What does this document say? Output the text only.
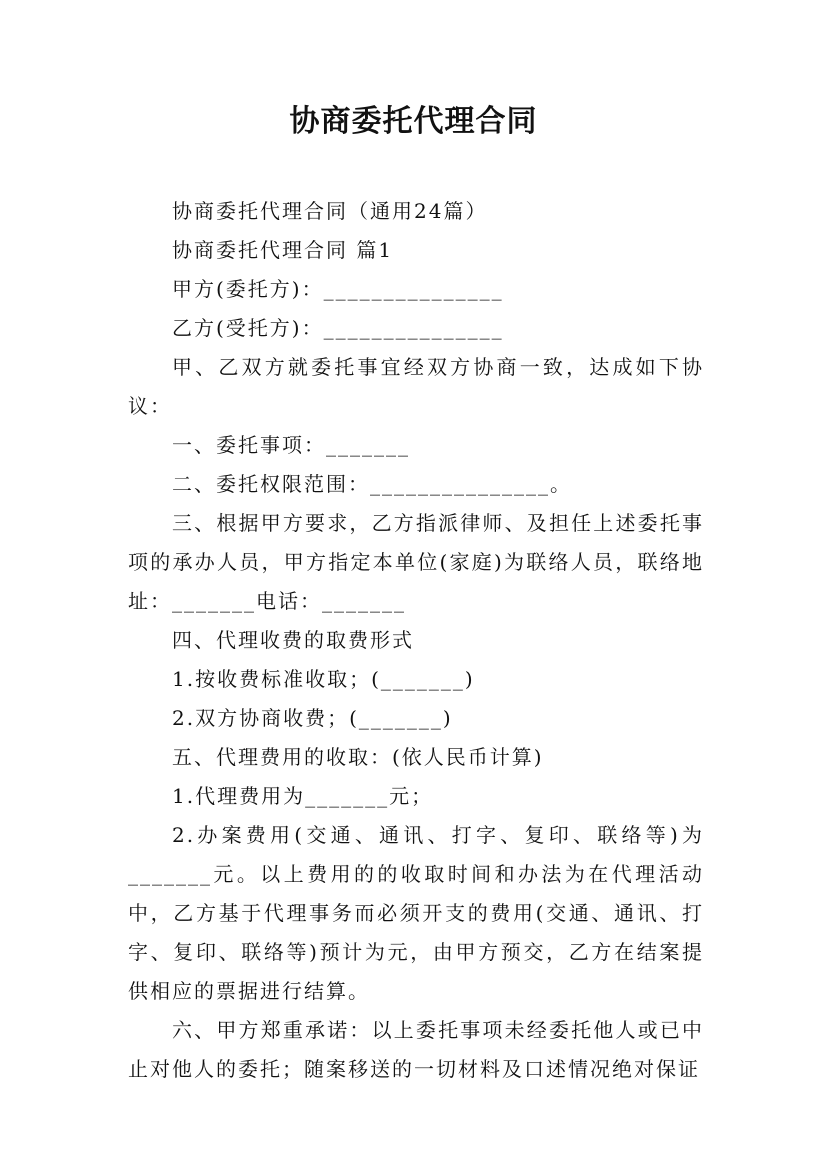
协商委托代理合同

协商委托代理合同（通用24篇）

协商委托代理合同 篇1

甲方(委托方)：_______________

乙方(受托方)：_______________

甲、乙双方就委托事宜经双方协商一致，达成如下协议：

一、委托事项：_______

二、委托权限范围：_______________。

三、根据甲方要求，乙方指派律师、及担任上述委托事项的承办人员，甲方指定本单位(家庭)为联络人员，联络地址：_______电话：_______

四、代理收费的取费形式

1.按收费标准收取；(_______)

2.双方协商收费；(_______)

五、代理费用的收取：(依人民币计算)

1.代理费用为_______元；

2.办案费用(交通、通讯、打字、复印、联络等)为_______元。以上费用的的收取时间和办法为在代理活动中，乙方基于代理事务而必须开支的费用(交通、通讯、打字、复印、联络等)预计为元，由甲方预交，乙方在结案提供相应的票据进行结算。

六、甲方郑重承诺：以上委托事项未经委托他人或已中止对他人的委托；随案移送的一切材料及口述情况绝对保证
